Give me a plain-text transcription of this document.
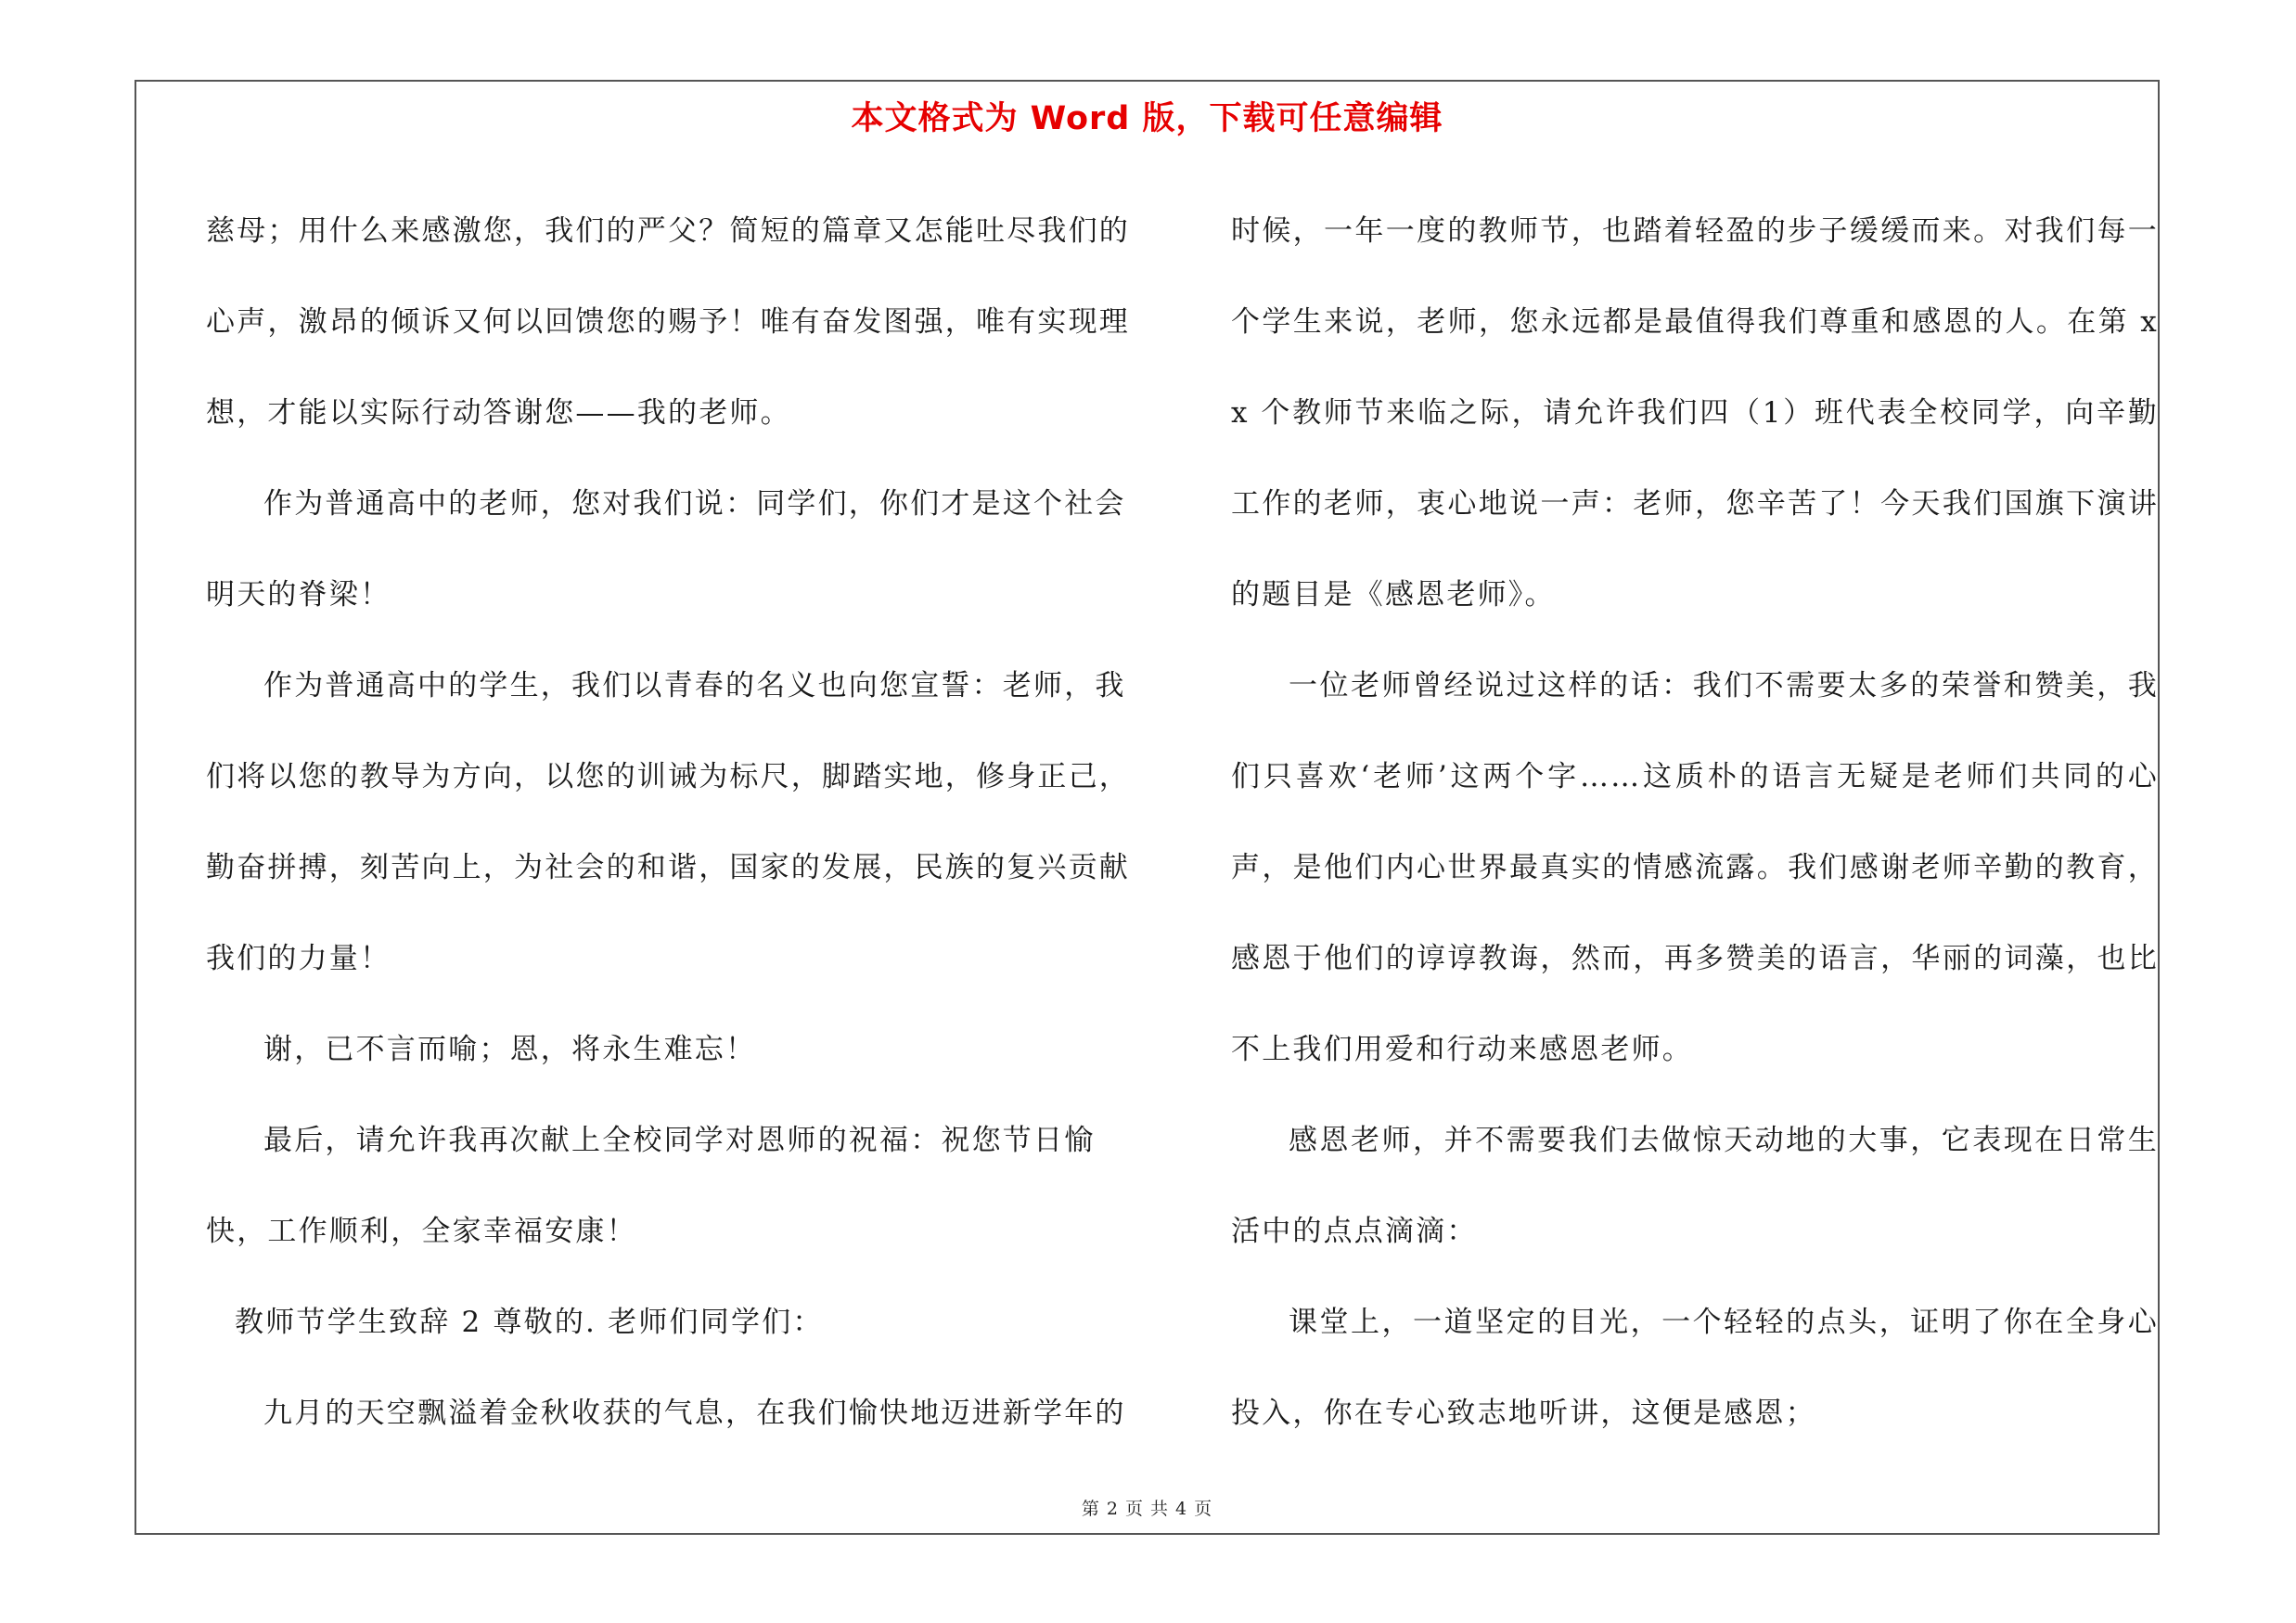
本文格式为 Word 版，下载可任意编辑

慈母；用什么来感激您，我们的严父？简短的篇章又怎能吐尽我们的心声，激昂的倾诉又何以回馈您的赐予！唯有奋发图强，唯有实现理想，才能以实际行动答谢您——我的老师。

作为普通高中的老师，您对我们说：同学们，你们才是这个社会明天的脊梁！

作为普通高中的学生，我们以青春的名义也向您宣誓：老师，我们将以您的教导为方向，以您的训诫为标尺，脚踏实地，修身正己，勤奋拼搏，刻苦向上，为社会的和谐，国家的发展，民族的复兴贡献我们的力量！

谢，已不言而喻；恩，将永生难忘！

最后，请允许我再次献上全校同学对恩师的祝福：祝您节日愉快，工作顺利，全家幸福安康！

教师节学生致辞 2 尊敬的. 老师们同学们：

九月的天空飘溢着金秋收获的气息，在我们愉快地迈进新学年的

时候，一年一度的教师节，也踏着轻盈的步子缓缓而来。对我们每一个学生来说，老师，您永远都是最值得我们尊重和感恩的人。在第 xx 个教师节来临之际，请允许我们四（1）班代表全校同学，向辛勤工作的老师，衷心地说一声：老师，您辛苦了！今天我们国旗下演讲的题目是《感恩老师》。

一位老师曾经说过这样的话：我们不需要太多的荣誉和赞美，我们只喜欢‘老师’这两个字……这质朴的语言无疑是老师们共同的心声，是他们内心世界最真实的情感流露。我们感谢老师辛勤的教育，感恩于他们的谆谆教诲，然而，再多赞美的语言，华丽的词藻，也比不上我们用爱和行动来感恩老师。

感恩老师，并不需要我们去做惊天动地的大事，它表现在日常生活中的点点滴滴：

课堂上，一道坚定的目光，一个轻轻的点头，证明了你在全身心投入，你在专心致志地听讲，这便是感恩；

第 2 页 共 4 页
